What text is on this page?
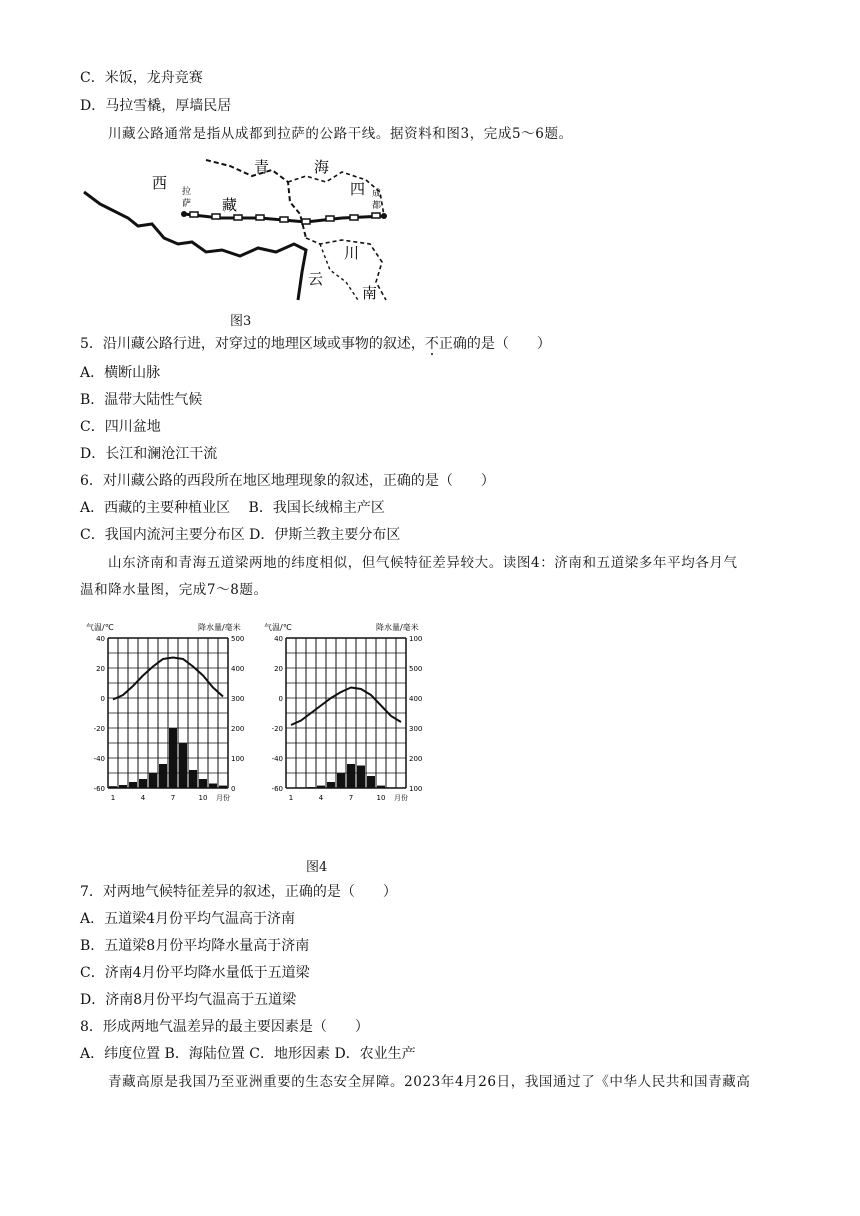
C．米饭，龙舟竞赛
D．马拉雪橇，厚墙民居
川藏公路通常是指从成都到拉萨的公路干线。据资料和图3，完成5～6题。
西
藏
青	海
四
川
云
南
拉
萨
成
都
图3
5．沿川藏公路行进，对穿过的地理区域或事物的叙述，不正确的是（　　）
A．横断山脉
B．温带大陆性气候
C．四川盆地
D．长江和澜沧江干流
6．对川藏公路的西段所在地区地理现象的叙述，正确的是（　　）
A．西藏的主要种植业区　 B．我国长绒棉主产区
C．我国内流河主要分布区 D．伊斯兰教主要分布区
山东济南和青海五道梁两地的纬度相似，但气候特征差异较大。读图4：济南和五道梁多年平均各月气
温和降水量图，完成7～8题。
气温/℃	降水量/毫米
40
20
0
-20
-40
-60
500
400
300
200
100
0
1	4	7	10 月份
气温/℃	降水量/毫米
40
20
0
-20
-40
-60
100
500
400
300
200
100
1	4	7	10 月份
图4
7．对两地气候特征差异的叙述，正确的是（　　）
A．五道梁4月份平均气温高于济南
B．五道梁8月份平均降水量高于济南
C．济南4月份平均降水量低于五道梁
D．济南8月份平均气温高于五道梁
8．形成两地气温差异的最主要因素是（　　）
A．纬度位置 B．海陆位置 C．地形因素 D．农业生产
青藏高原是我国乃至亚洲重要的生态安全屏障。2023年4月26日，我国通过了《中华人民共和国青藏高
